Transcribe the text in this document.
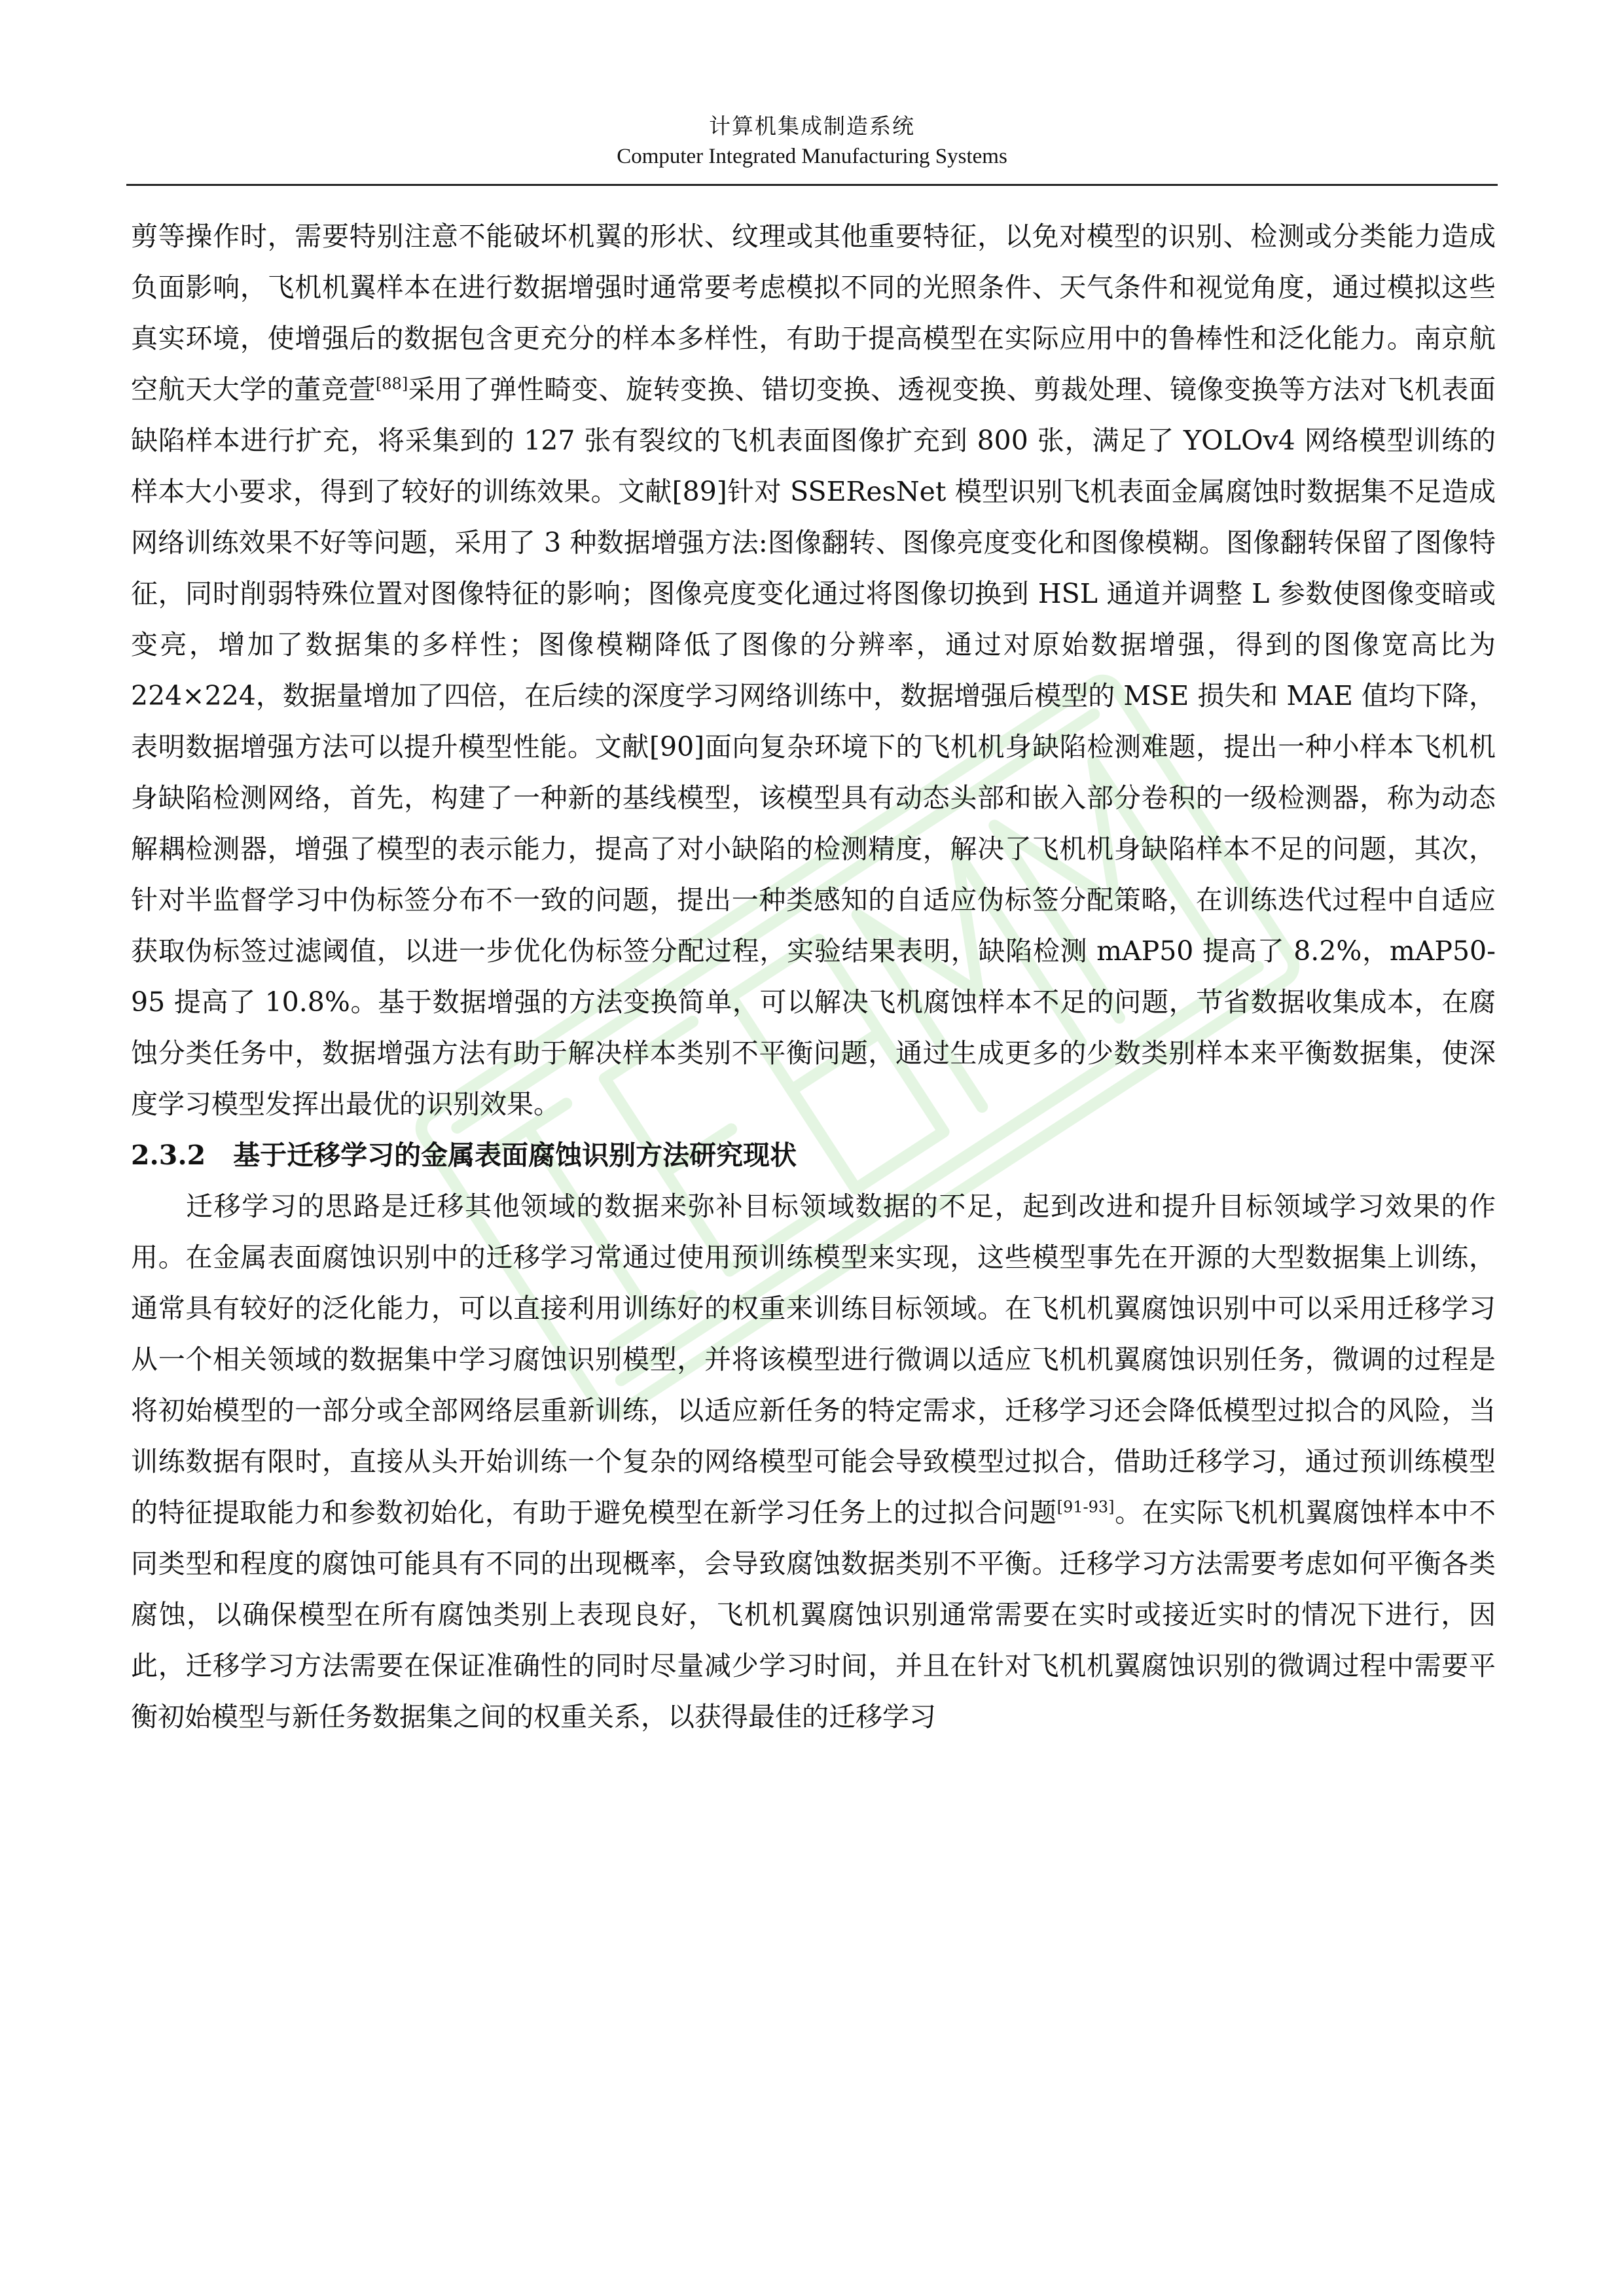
计算机集成制造系统
Computer Integrated Manufacturing Systems

剪等操作时，需要特别注意不能破坏机翼的形状、纹理或其他重要特征，以免对模型的识别、检测或分类能力造成负面影响，飞机机翼样本在进行数据增强时通常要考虑模拟不同的光照条件、天气条件和视觉角度，通过模拟这些真实环境，使增强后的数据包含更充分的样本多样性，有助于提高模型在实际应用中的鲁棒性和泛化能力。南京航空航天大学的董竞萱[88]采用了弹性畸变、旋转变换、错切变换、透视变换、剪裁处理、镜像变换等方法对飞机表面缺陷样本进行扩充，将采集到的 127 张有裂纹的飞机表面图像扩充到 800 张，满足了 YOLOv4 网络模型训练的样本大小要求，得到了较好的训练效果。文献[89]针对 SSEResNet 模型识别飞机表面金属腐蚀时数据集不足造成网络训练效果不好等问题，采用了 3 种数据增强方法:图像翻转、图像亮度变化和图像模糊。图像翻转保留了图像特征，同时削弱特殊位置对图像特征的影响；图像亮度变化通过将图像切换到 HSL 通道并调整 L 参数使图像变暗或变亮，增加了数据集的多样性；图像模糊降低了图像的分辨率，通过对原始数据增强，得到的图像宽高比为 224×224，数据量增加了四倍，在后续的深度学习网络训练中，数据增强后模型的 MSE 损失和 MAE 值均下降，表明数据增强方法可以提升模型性能。文献[90]面向复杂环境下的飞机机身缺陷检测难题，提出一种小样本飞机机身缺陷检测网络，首先，构建了一种新的基线模型，该模型具有动态头部和嵌入部分卷积的一级检测器，称为动态解耦检测器，增强了模型的表示能力，提高了对小缺陷的检测精度，解决了飞机机身缺陷样本不足的问题，其次，针对半监督学习中伪标签分布不一致的问题，提出一种类感知的自适应伪标签分配策略，在训练迭代过程中自适应获取伪标签过滤阈值，以进一步优化伪标签分配过程，实验结果表明，缺陷检测 mAP50 提高了 8.2%，mAP50-95 提高了 10.8%。基于数据增强的方法变换简单，可以解决飞机腐蚀样本不足的问题，节省数据收集成本，在腐蚀分类任务中，数据增强方法有助于解决样本类别不平衡问题，通过生成更多的少数类别样本来平衡数据集，使深度学习模型发挥出最优的识别效果。

2.3.2 基于迁移学习的金属表面腐蚀识别方法研究现状

迁移学习的思路是迁移其他领域的数据来弥补目标领域数据的不足，起到改进和提升目标领域学习效果的作用。在金属表面腐蚀识别中的迁移学习常通过使用预训练模型来实现，这些模型事先在开源的大型数据集上训练，通常具有较好的泛化能力，可以直接利用训练好的权重来训练目标领域。在飞机机翼腐蚀识别中可以采用迁移学习从一个相关领域的数据集中学习腐蚀识别模型，并将该模型进行微调以适应飞机机翼腐蚀识别任务，微调的过程是将初始模型的一部分或全部网络层重新训练，以适应新任务的特定需求，迁移学习还会降低模型过拟合的风险，当训练数据有限时，直接从头开始训练一个复杂的网络模型可能会导致模型过拟合，借助迁移学习，通过预训练模型的特征提取能力和参数初始化，有助于避免模型在新学习任务上的过拟合问题[91-93]。在实际飞机机翼腐蚀样本中不同类型和程度的腐蚀可能具有不同的出现概率，会导致腐蚀数据类别不平衡。迁移学习方法需要考虑如何平衡各类腐蚀，以确保模型在所有腐蚀类别上表现良好，飞机机翼腐蚀识别通常需要在实时或接近实时的情况下进行，因此，迁移学习方法需要在保证准确性的同时尽量减少学习时间，并且在针对飞机机翼腐蚀识别的微调过程中需要平衡初始模型与新任务数据集之间的权重关系，以获得最佳的迁移学习
